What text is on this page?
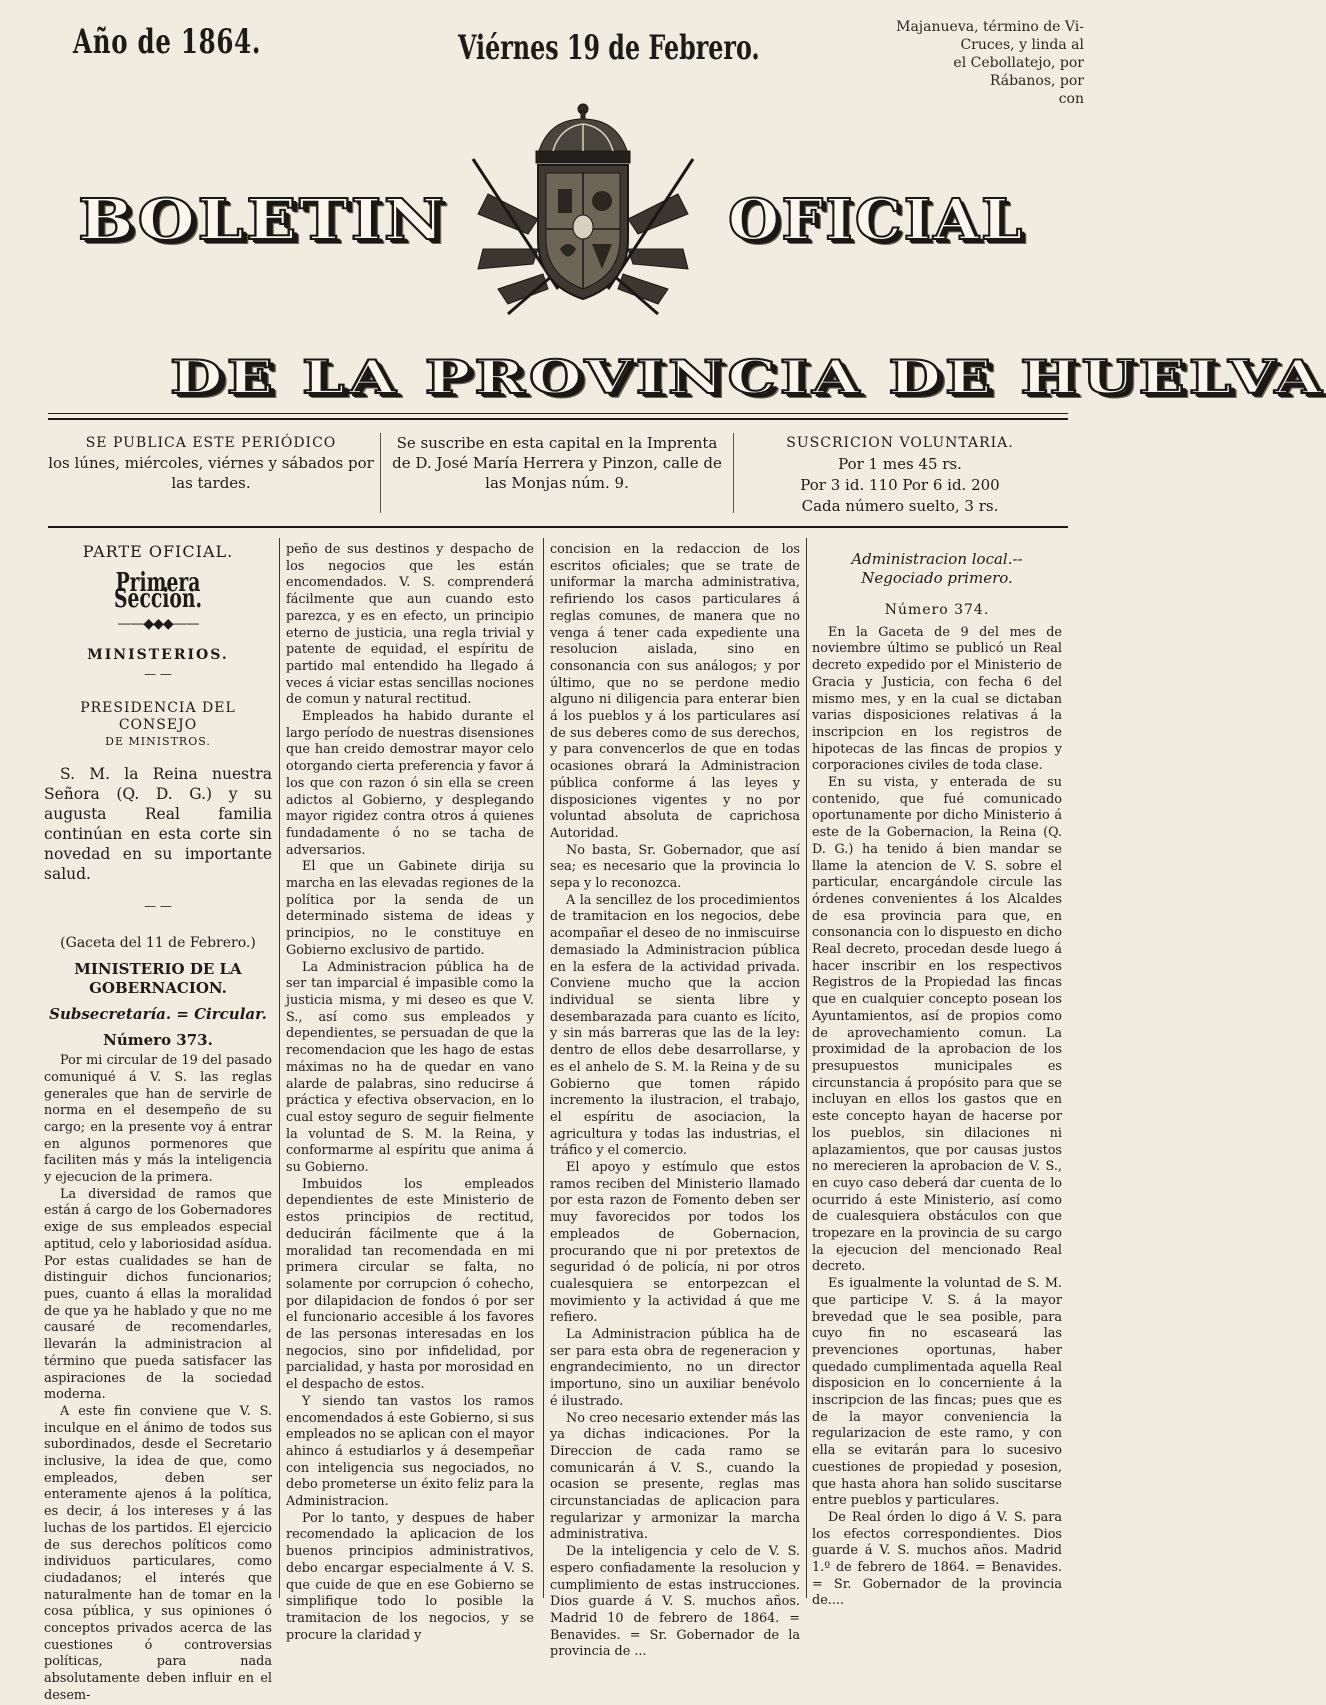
Año de 1864.	Viérnes 19 de Febrero.
Majanueva, término de Vi-
Cruces, y linda al
el Cebollatejo, por
Rábanos, por
con
BOLETIN	OFICIAL
DE LA PROVINCIA DE HUELVA
SE PUBLICA ESTE PERIÓDICO
los lúnes, miércoles, viérnes y sábados por las tardes.
Se suscribe en esta capital en la Imprenta de D. José María Herrera y Pinzon, calle de las Monjas núm. 9.
SUSCRICION VOLUNTARIA.
Por 1 mes 45 rs.
Por 3 id. 110 Por 6 id. 200
Cada número suelto, 3 rs.

PARTE OFICIAL.

Primera Seccion.

——◆◆◆——

MINISTERIOS.

— —

PRESIDENCIA DEL CONSEJO

DE MINISTROS.

S. M. la Reina nuestra Señora (Q. D. G.) y su augusta Real familia continúan en esta corte sin novedad en su importante salud.

— —
(Gaceta del 11 de Febrero.)

MINISTERIO DE LA GOBERNACION.

Subsecretaría. = Circular.
Número 373.

Por mi circular de 19 del pasado comuniqué á V. S. las reglas generales que han de servirle de norma en el desempeño de su cargo; en la presente voy á entrar en algunos pormenores que faciliten más y más la inteligencia y ejecucion de la primera.

La diversidad de ramos que están á cargo de los Gobernadores exige de sus empleados especial aptitud, celo y laboriosidad asídua. Por estas cualidades se han de distinguir dichos funcionarios; pues, cuanto á ellas la moralidad de que ya he hablado y que no me causaré de recomendarles, llevarán la administracion al término que pueda satisfacer las aspiraciones de la sociedad moderna.

A este fin conviene que V. S. inculque en el ánimo de todos sus subordinados, desde el Secretario inclusive, la idea de que, como empleados, deben ser enteramente ajenos á la política, es decir, á los intereses y á las luchas de los partidos. El ejercicio de sus derechos políticos como individuos particulares, como ciudadanos; el interés que naturalmente han de tomar en la cosa pública, y sus opiniones ó conceptos privados acerca de las cuestiones ó controversias políticas, para nada absolutamente deben influir en el desem-

peño de sus destinos y despacho de los negocios que les están encomendados. V. S. comprenderá fácilmente que aun cuando esto parezca, y es en efecto, un principio eterno de justicia, una regla trivial y patente de equidad, el espíritu de partido mal entendido ha llegado á veces á viciar estas sencillas nociones de comun y natural rectitud.

Empleados ha habido durante el largo período de nuestras disensiones que han creido demostrar mayor celo otorgando cierta preferencia y favor á los que con razon ó sin ella se creen adictos al Gobierno, y desplegando mayor rigidez contra otros á quienes fundadamente ó no se tacha de adversarios.

El que un Gabinete dirija su marcha en las elevadas regiones de la política por la senda de un determinado sistema de ideas y principios, no le constituye en Gobierno exclusivo de partido.

La Administracion pública ha de ser tan imparcial é impasible como la justicia misma, y mi deseo es que V. S., así como sus empleados y dependientes, se persuadan de que la recomendacion que les hago de estas máximas no ha de quedar en vano alarde de palabras, sino reducirse á práctica y efectiva observacion, en lo cual estoy seguro de seguir fielmente la voluntad de S. M. la Reina, y conformarme al espíritu que anima á su Gobierno.

Imbuidos los empleados dependientes de este Ministerio de estos principios de rectitud, deducirán fácilmente que á la moralidad tan recomendada en mi primera circular se falta, no solamente por corrupcion ó cohecho, por dilapidacion de fondos ó por ser el funcionario accesible á los favores de las personas interesadas en los negocios, sino por infidelidad, por parcialidad, y hasta por morosidad en el despacho de estos.

Y siendo tan vastos los ramos encomendados á este Gobierno, si sus empleados no se aplican con el mayor ahinco á estudiarlos y á desempeñar con inteligencia sus negociados, no debo prometerse un éxito feliz para la Administracion.

Por lo tanto, y despues de haber recomendado la aplicacion de los buenos principios administrativos, debo encargar especialmente á V. S. que cuide de que en ese Gobierno se simplifique todo lo posible la tramitacion de los negocios, y se procure la claridad y

concision en la redaccion de los escritos oficiales; que se trate de uniformar la marcha administrativa, refiriendo los casos particulares á reglas comunes, de manera que no venga á tener cada expediente una resolucion aislada, sino en consonancia con sus análogos; y por último, que no se perdone medio alguno ni diligencia para enterar bien á los pueblos y á los particulares así de sus deberes como de sus derechos, y para convencerlos de que en todas ocasiones obrará la Administracion pública conforme á las leyes y disposiciones vigentes y no por voluntad absoluta de caprichosa Autoridad.

No basta, Sr. Gobernador, que así sea; es necesario que la provincia lo sepa y lo reconozca.

A la sencillez de los procedimientos de tramitacion en los negocios, debe acompañar el deseo de no inmiscuirse demasiado la Administracion pública en la esfera de la actividad privada. Conviene mucho que la accion individual se sienta libre y desembarazada para cuanto es lícito, y sin más barreras que las de la ley: dentro de ellos debe desarrollarse, y es el anhelo de S. M. la Reina y de su Gobierno que tomen rápido incremento la ilustracion, el trabajo, el espíritu de asociacion, la agricultura y todas las industrias, el tráfico y el comercio.

El apoyo y estímulo que estos ramos reciben del Ministerio llamado por esta razon de Fomento deben ser muy favorecidos por todos los empleados de Gobernacion, procurando que ni por pretextos de seguridad ó de policía, ni por otros cualesquiera se entorpezcan el movimiento y la actividad á que me refiero.

La Administracion pública ha de ser para esta obra de regeneracion y engrandecimiento, no un director importuno, sino un auxiliar benévolo é ilustrado.

No creo necesario extender más las ya dichas indicaciones. Por la Direccion de cada ramo se comunicarán á V. S., cuando la ocasion se presente, reglas mas circunstanciadas de aplicacion para regularizar y armonizar la marcha administrativa.

De la inteligencia y celo de V. S. espero confiadamente la resolucion y cumplimiento de estas instrucciones. Dios guarde á V. S. muchos años. Madrid 10 de febrero de 1864. = Benavides. = Sr. Gobernador de la provincia de ...

Administracion local.--Negociado primero.
Número 374.

En la Gaceta de 9 del mes de noviembre último se publicó un Real decreto expedido por el Ministerio de Gracia y Justicia, con fecha 6 del mismo mes, y en la cual se dictaban varias disposiciones relativas á la inscripcion en los registros de hipotecas de las fincas de propios y corporaciones civiles de toda clase.

En su vista, y enterada de su contenido, que fué comunicado oportunamente por dicho Ministerio á este de la Gobernacion, la Reina (Q. D. G.) ha tenido á bien mandar se llame la atencion de V. S. sobre el particular, encargándole circule las órdenes convenientes á los Alcaldes de esa provincia para que, en consonancia con lo dispuesto en dicho Real decreto, procedan desde luego á hacer inscribir en los respectivos Registros de la Propiedad las fincas que en cualquier concepto posean los Ayuntamientos, así de propios como de aprovechamiento comun. La proximidad de la aprobacion de los presupuestos municipales es circunstancia á propósito para que se incluyan en ellos los gastos que en este concepto hayan de hacerse por los pueblos, sin dilaciones ni aplazamientos, que por causas justos no merecieren la aprobacion de V. S., en cuyo caso deberá dar cuenta de lo ocurrido á este Ministerio, así como de cualesquiera obstáculos con que tropezare en la provincia de su cargo la ejecucion del mencionado Real decreto.

Es igualmente la voluntad de S. M. que participe V. S. á la mayor brevedad que le sea posible, para cuyo fin no escaseará las prevenciones oportunas, haber quedado cumplimentada aquella Real disposicion en lo concerniente á la inscripcion de las fincas; pues que es de la mayor conveniencia la regularizacion de este ramo, y con ella se evitarán para lo sucesivo cuestiones de propiedad y posesion, que hasta ahora han solido suscitarse entre pueblos y particulares.

De Real órden lo digo á V. S. para los efectos correspondientes. Dios guarde á V. S. muchos años. Madrid 1.º de febrero de 1864. = Benavides. = Sr. Gobernador de la provincia de....
